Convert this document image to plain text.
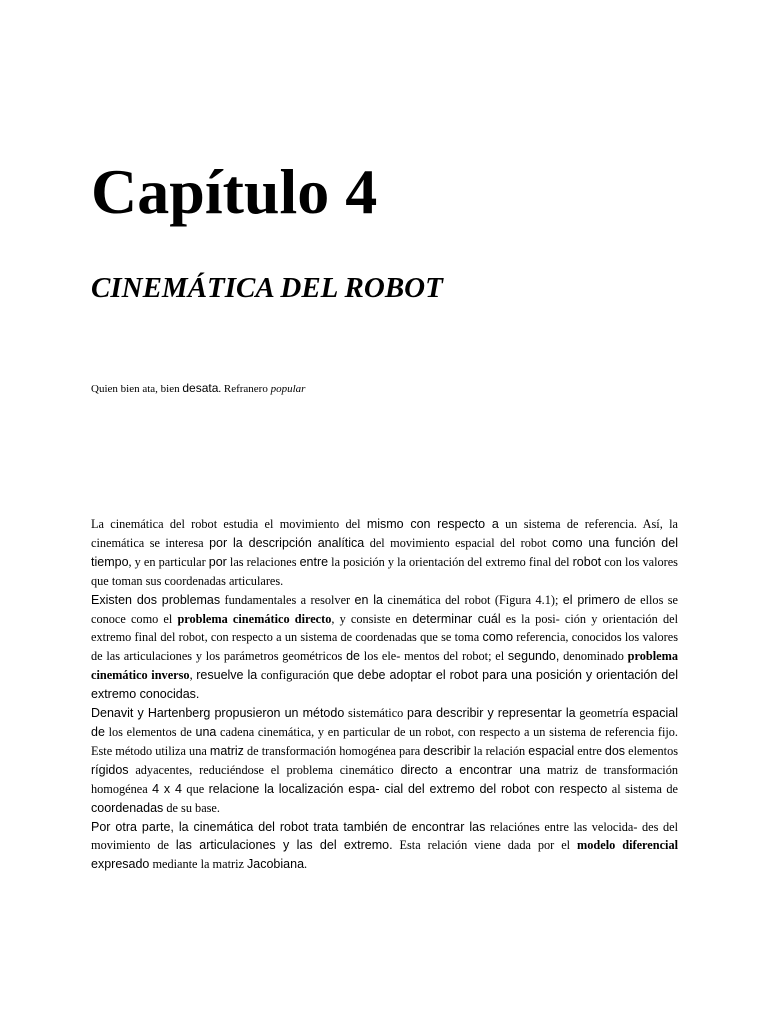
Capítulo 4
CINEMÁTICA DEL ROBOT

Quien bien ata, bien desata. Refranero popular

La cinemática del robot estudia el movimiento del mismo con respecto a un sistema de referencia. Así, la cinemática se interesa por la descripción analítica del movimiento espacial del robot como una función del tiempo, y en particular por las relaciones entre la posición y la orientación del extremo final del robot con los valores que toman sus coordenadas articulares.

Existen dos problemas fundamentales a resolver en la cinemática del robot (Figura 4.1); el primero de ellos se conoce como el problema cinemático directo, y consiste en determinar cuál es la posi- ción y orientación del extremo final del robot, con respecto a un sistema de coordenadas que se toma como referencia, conocidos los valores de las articulaciones y los parámetros geométricos de los ele- mentos del robot; el segundo, denominado problema cinemático inverso, resuelve la configuración que debe adoptar el robot para una posición y orientación del extremo conocidas.

Denavit y Hartenberg propusieron un método sistemático para describir y representar la geometría espacial de los elementos de una cadena cinemática, y en particular de un robot, con respecto a un sistema de referencia fijo. Este método utiliza una matriz de transformación homogénea para describir la relación espacial entre dos elementos rígidos adyacentes, reduciéndose el problema cinemático directo a encontrar una matriz de transformación homogénea 4 x 4 que relacione la localización espa- cial del extremo del robot con respecto al sistema de coordenadas de su base.

Por otra parte, la cinemática del robot trata también de encontrar las relaciónes entre las velocida- des del movimiento de las articulaciones y las del extremo. Esta relación viene dada por el modelo diferencial expresado mediante la matriz Jacobiana.
